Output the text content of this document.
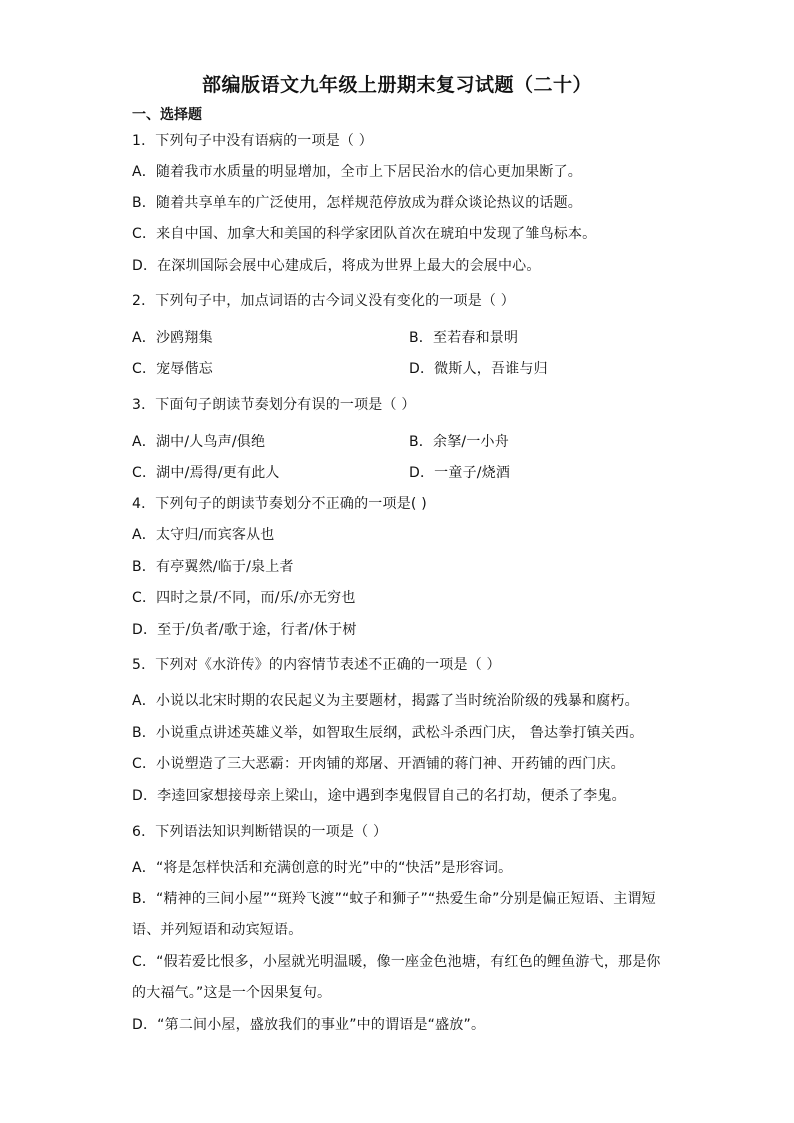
部编版语文九年级上册期末复习试题（二十）
一、选择题
1．下列句子中没有语病的一项是（ ）
A．随着我市水质量的明显增加，全市上下居民治水的信心更加果断了。
B．随着共享单车的广泛使用，怎样规范停放成为群众谈论热议的话题。
C．来自中国、加拿大和美国的科学家团队首次在琥珀中发现了雏鸟标本。
D．在深圳国际会展中心建成后，将成为世界上最大的会展中心。
2．下列句子中，加点词语的古今词义没有变化的一项是（ ）
A．沙鸥翔集	B．至若春和景明
C．宠辱偕忘	D．微斯人，吾谁与归
3．下面句子朗读节奏划分有误的一项是（ ）
A．湖中/人鸟声/俱绝	B．余拏/一小舟
C．湖中/焉得/更有此人	D．一童子/烧酒
4．下列句子的朗读节奏划分不正确的一项是( )
A．太守归/而宾客从也
B．有亭翼然/临于/泉上者
C．四时之景/不同，而/乐/亦无穷也
D．至于/负者/歌于途，行者/休于树
5．下列对《水浒传》的内容情节表述不正确的一项是（ ）
A．小说以北宋时期的农民起义为主要题材，揭露了当时统治阶级的残暴和腐朽。
B．小说重点讲述英雄义举，如智取生辰纲，武松斗杀西门庆， 鲁达拳打镇关西。
C．小说塑造了三大恶霸：开肉铺的郑屠、开酒铺的蒋门神、开药铺的西门庆。
D．李逵回家想接母亲上梁山，途中遇到李鬼假冒自己的名打劫，便杀了李鬼。
6．下列语法知识判断错误的一项是（ ）
A．“将是怎样快活和充满创意的时光”中的“快活”是形容词。
B．“精神的三间小屋”“斑羚飞渡”“蚊子和狮子”“热爱生命”分别是偏正短语、主谓短
语、并列短语和动宾短语。
C．“假若爱比恨多，小屋就光明温暖，像一座金色池塘，有红色的鲤鱼游弋，那是你
的大福气。”这是一个因果复句。
D．“第二间小屋，盛放我们的事业”中的谓语是“盛放”。
